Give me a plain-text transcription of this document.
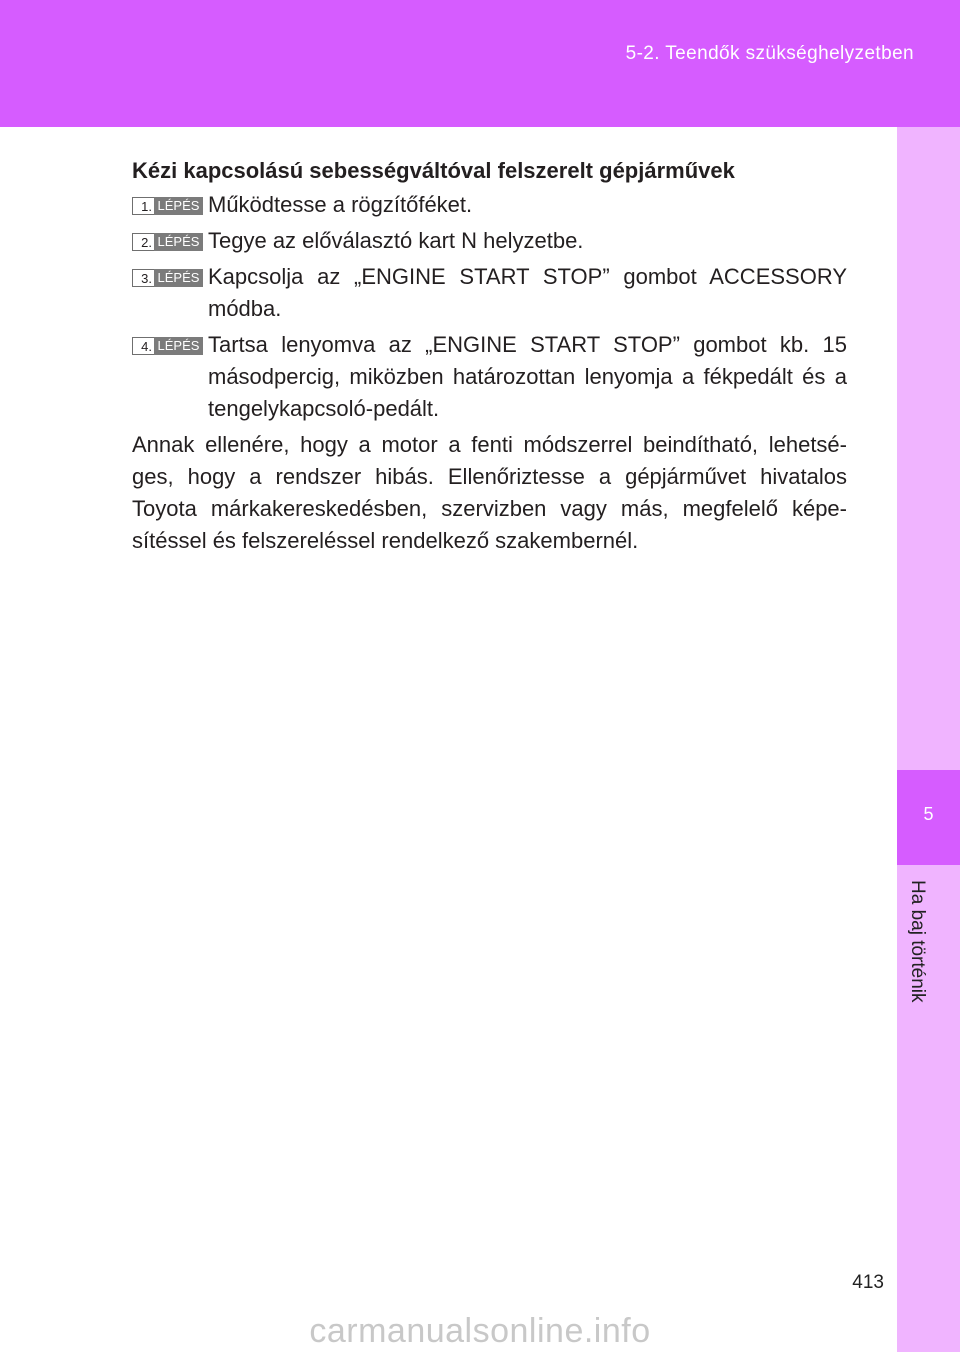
5-2. Teendők szükséghelyzetben
5
Ha baj történik
Kézi kapcsolású sebességváltóval felszerelt gépjárművek
1. LÉPÉS Működtesse a rögzítőféket.
2. LÉPÉS Tegye az előválasztó kart N helyzetbe.
3. LÉPÉS Kapcsolja az „ENGINE START STOP” gombot ACCESSORY módba.
4. LÉPÉS Tartsa lenyomva az „ENGINE START STOP” gombot kb. 15 másodpercig, miközben határozottan lenyomja a fékpedált és a tengelykapcsoló-pedált.

Annak ellenére, hogy a motor a fenti módszerrel beindítható, lehetsé-ges, hogy a rendszer hibás. Ellenőriztesse a gépjárművet hivatalos Toyota márkakereskedésben, szervizben vagy más, megfelelő képe-sítéssel és felszereléssel rendelkező szakembernél.

413
carmanualsonline.info
